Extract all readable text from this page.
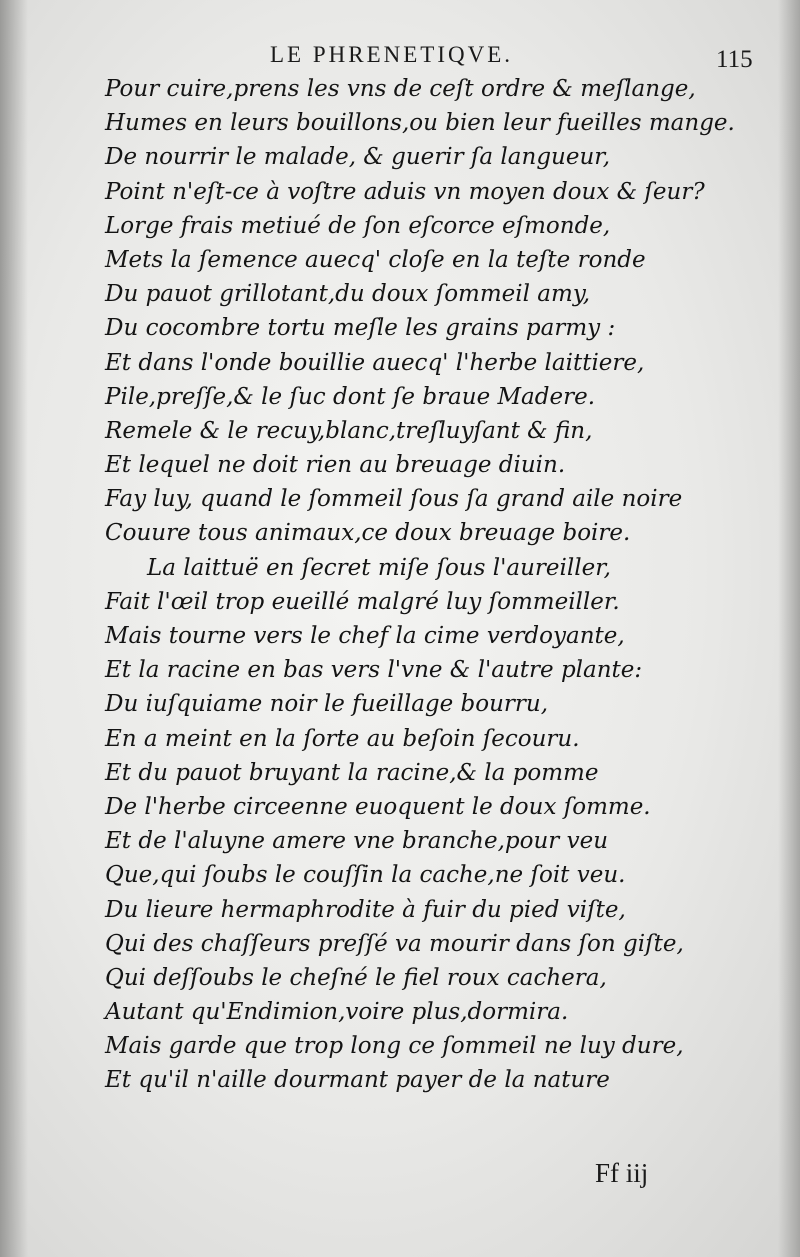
LE PHRENETIQVE.	115
Pour cuire,prens les vns de ceſt ordre & meſlange,
Humes en leurs bouillons,ou bien leur fueilles mange.
De nourrir le malade, & guerir ſa langueur,
Point n'eſt-ce à voſtre aduis vn moyen doux & ſeur?
Lorge frais metiué de ſon eſcorce eſmonde,
Mets la ſemence auecq' cloſe en la teſte ronde
Du pauot grillotant,du doux ſommeil amy,
Du cocombre tortu meſle les grains parmy :
Et dans l'onde bouillie auecq' l'herbe laittiere,
Pile,preſſe,& le ſuc dont ſe braue Madere.
Remele & le recuy,blanc,treſluyſant & fin,
Et lequel ne doit rien au breuage diuin.
Fay luy, quand le ſommeil ſous ſa grand aile noire
Couure tous animaux,ce doux breuage boire.
La laittuë en ſecret miſe ſous l'aureiller,
Fait l'œil trop eueillé malgré luy ſommeiller.
Mais tourne vers le chef la cime verdoyante,
Et la racine en bas vers l'vne & l'autre plante:
Du iuſquiame noir le fueillage bourru,
En a meint en la ſorte au beſoin ſecouru.
Et du pauot bruyant la racine,& la pomme
De l'herbe circeenne euoquent le doux ſomme.
Et de l'aluyne amere vne branche,pour veu
Que,qui ſoubs le couſſin la cache,ne ſoit veu.
Du lieure hermaphrodite à fuir du pied viſte,
Qui des chaſſeurs preſſé va mourir dans ſon giſte,
Qui deſſoubs le cheſné le fiel roux cachera,
Autant qu'Endimion,voire plus,dormira.
Mais garde que trop long ce ſommeil ne luy dure,
Et qu'il n'aille dourmant payer de la nature
Ff iij
